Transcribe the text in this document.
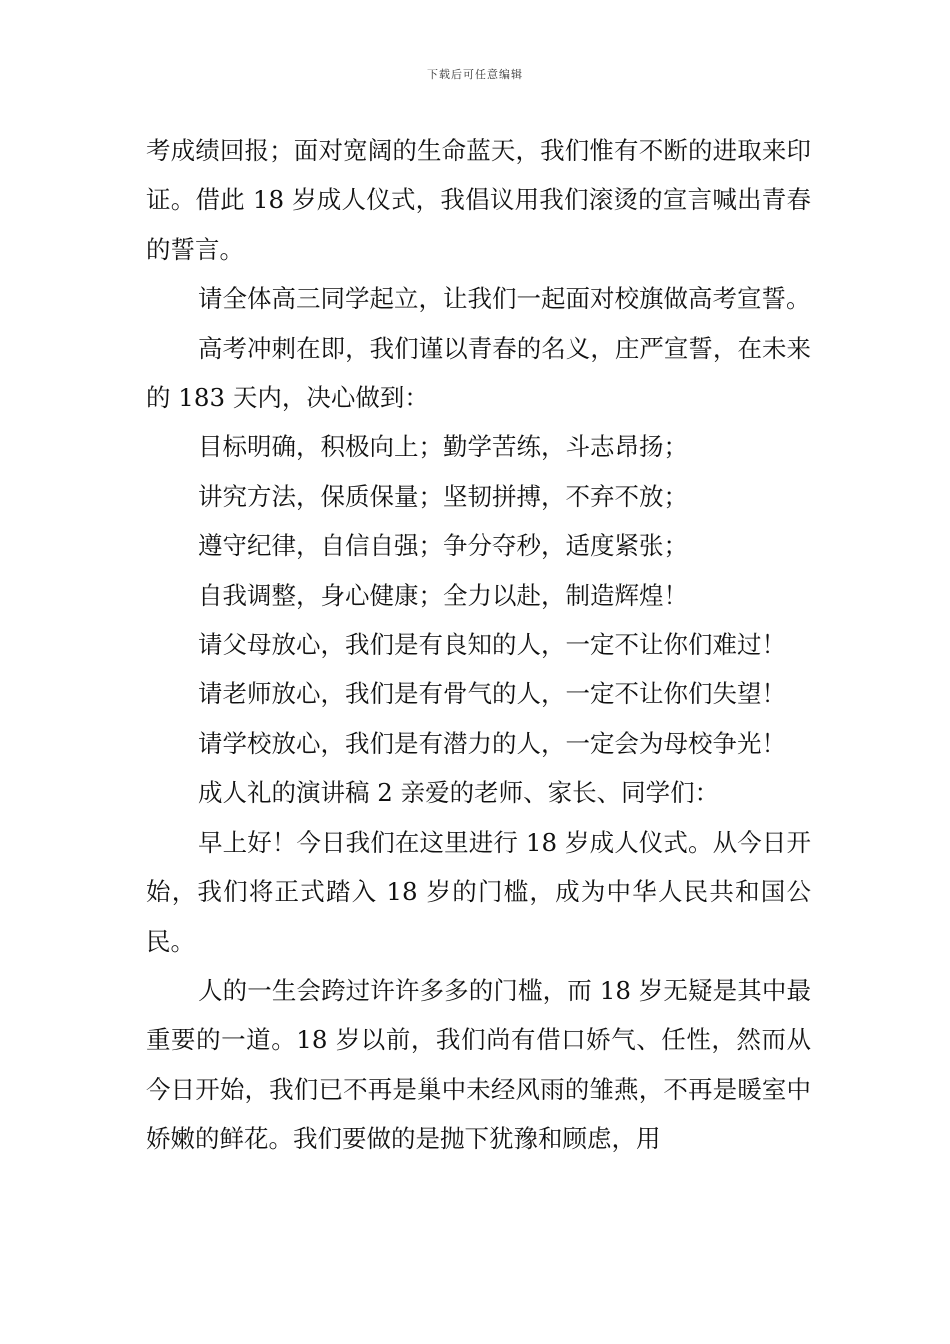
下载后可任意编辑

考成绩回报；面对宽阔的生命蓝天，我们惟有不断的进取来印证。借此 18 岁成人仪式，我倡议用我们滚烫的宣言喊出青春的誓言。

请全体高三同学起立，让我们一起面对校旗做高考宣誓。

高考冲刺在即，我们谨以青春的名义，庄严宣誓，在未来的 183 天内，决心做到：

目标明确，积极向上；勤学苦练，斗志昂扬；

讲究方法，保质保量；坚韧拼搏，不弃不放；

遵守纪律，自信自强；争分夺秒，适度紧张；

自我调整，身心健康；全力以赴，制造辉煌！

请父母放心，我们是有良知的人，一定不让你们难过！

请老师放心，我们是有骨气的人，一定不让你们失望！

请学校放心，我们是有潜力的人，一定会为母校争光！

成人礼的演讲稿 2 亲爱的老师、家长、同学们：

早上好！今日我们在这里进行 18 岁成人仪式。从今日开始，我们将正式踏入 18 岁的门槛，成为中华人民共和国公民。

人的一生会跨过许许多多的门槛，而 18 岁无疑是其中最重要的一道。18 岁以前，我们尚有借口娇气、任性，然而从今日开始，我们已不再是巢中未经风雨的雏燕，不再是暖室中娇嫩的鲜花。我们要做的是抛下犹豫和顾虑，用
